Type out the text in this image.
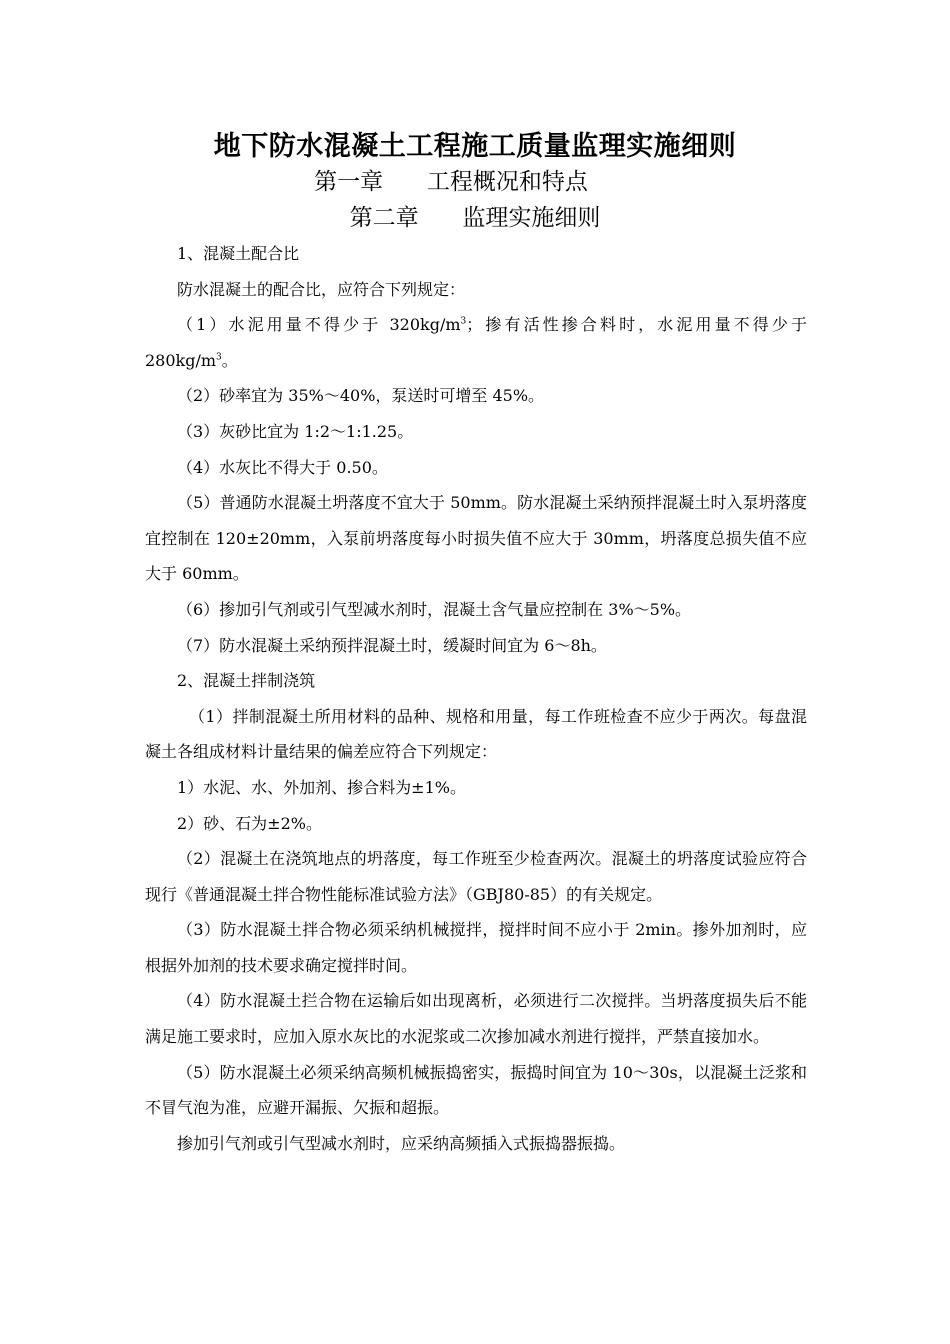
地下防水混凝土工程施工质量监理实施细则
第一章      工程概况和特点
第二章      监理实施细则

1、混凝土配合比

防水混凝土的配合比，应符合下列规定：

（1）水泥用量不得少于 $320kg/m^3$；掺有活性掺合料时，水泥用量不得少于 $280kg/m^3$。

（2）砂率宜为 35%～40%，泵送时可增至 45%。

（3）灰砂比宜为 1:2～1:1.25。

（4）水灰比不得大于 0.50。

（5）普通防水混凝土坍落度不宜大于 50mm。防水混凝土采纳预拌混凝土时入泵坍落度宜控制在 120±20mm，入泵前坍落度每小时损失值不应大于 30mm，坍落度总损失值不应大于 60mm。

（6）掺加引气剂或引气型减水剂时，混凝土含气量应控制在 3%～5%。

（7）防水混凝土采纳预拌混凝土时，缓凝时间宜为 6～8h。

2、混凝土拌制浇筑

（1）拌制混凝土所用材料的品种、规格和用量，每工作班检查不应少于两次。每盘混凝土各组成材料计量结果的偏差应符合下列规定：

1）水泥、水、外加剂、掺合料为±1%。

2）砂、石为±2%。

（2）混凝土在浇筑地点的坍落度，每工作班至少检查两次。混凝土的坍落度试验应符合现行《普通混凝土拌合物性能标准试验方法》（GBJ80-85）的有关规定。

（3）防水混凝土拌合物必须采纳机械搅拌，搅拌时间不应小于 2min。掺外加剂时，应根据外加剂的技术要求确定搅拌时间。

（4）防水混凝土拦合物在运输后如出现离析，必须进行二次搅拌。当坍落度损失后不能满足施工要求时，应加入原水灰比的水泥浆或二次掺加减水剂进行搅拌，严禁直接加水。

（5）防水混凝土必须采纳高频机械振捣密实，振捣时间宜为 10～30s，以混凝土泛浆和不冒气泡为准，应避开漏振、欠振和超振。

掺加引气剂或引气型减水剂时，应采纳高频插入式振捣器振捣。
